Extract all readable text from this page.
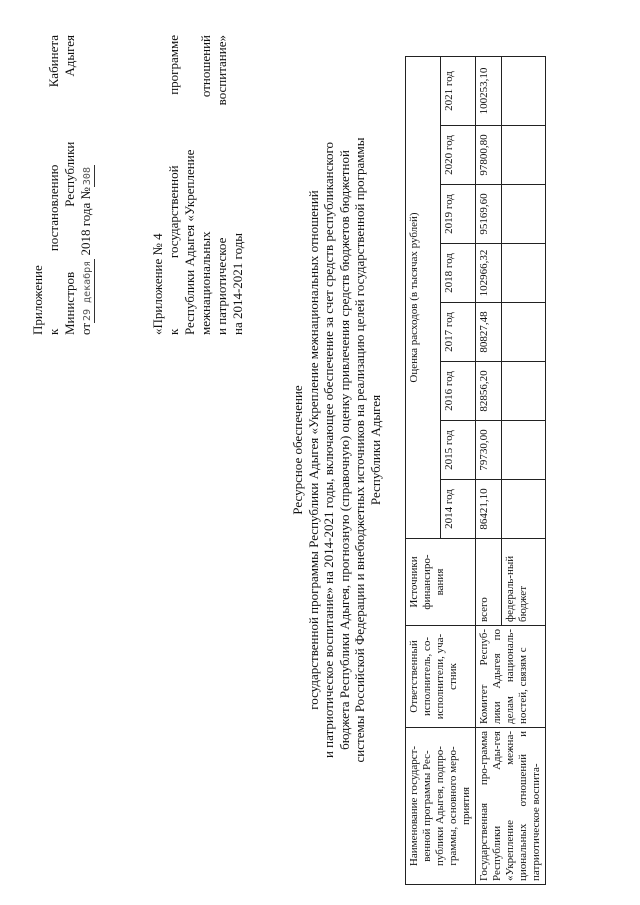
Приложение к
постановлению
Кабинета
Министров
Республики
Адыгея
от29 декабря 2018 года №308
«Приложение № 4 к
государственной
программе
Республики Адыгея «Укрепление межнациональных
отношений
и патриотическое
воспитание»
на 2014-2021 годы
Ресурсное обеспечение государственной программы Республики Адыгея «Укрепление межнациональных отношений и патриотическое воспитание» на 2014-2021 годы, включающее обеспечение за счет средств республиканского бюджета Республики Адыгея, прогнозную (справочную) оценку привлечения средств бюджетов бюджетной системы Российской Федерации и внебюджетных источников на реализацию целей государственной программы Республики Адыгея
Наименование государст-венной программы Рес-публики Адыгея, подпро-граммы, основного меро-приятия	Ответственный исполнитель, со-исполнители, уча-стник	Источники финансиро-вания	Оценка расходов (в тысячах рублей)							
			2014 год	2015 год	2016 год	2017 год	2018 год	2019 год	2020 год	2021 год
Государственная про-грамма Республики Ады-гея «Укрепление межна-циональных отношений и патриотическое воспита-	Комитет Респуб-лики Адыгея по делам националь-ностей, связям с	всего	86421,10	79730,00	82856,20	80827,48	102966,32	95169,60	97800,80	100253,10
		федераль-ный бюджет								
